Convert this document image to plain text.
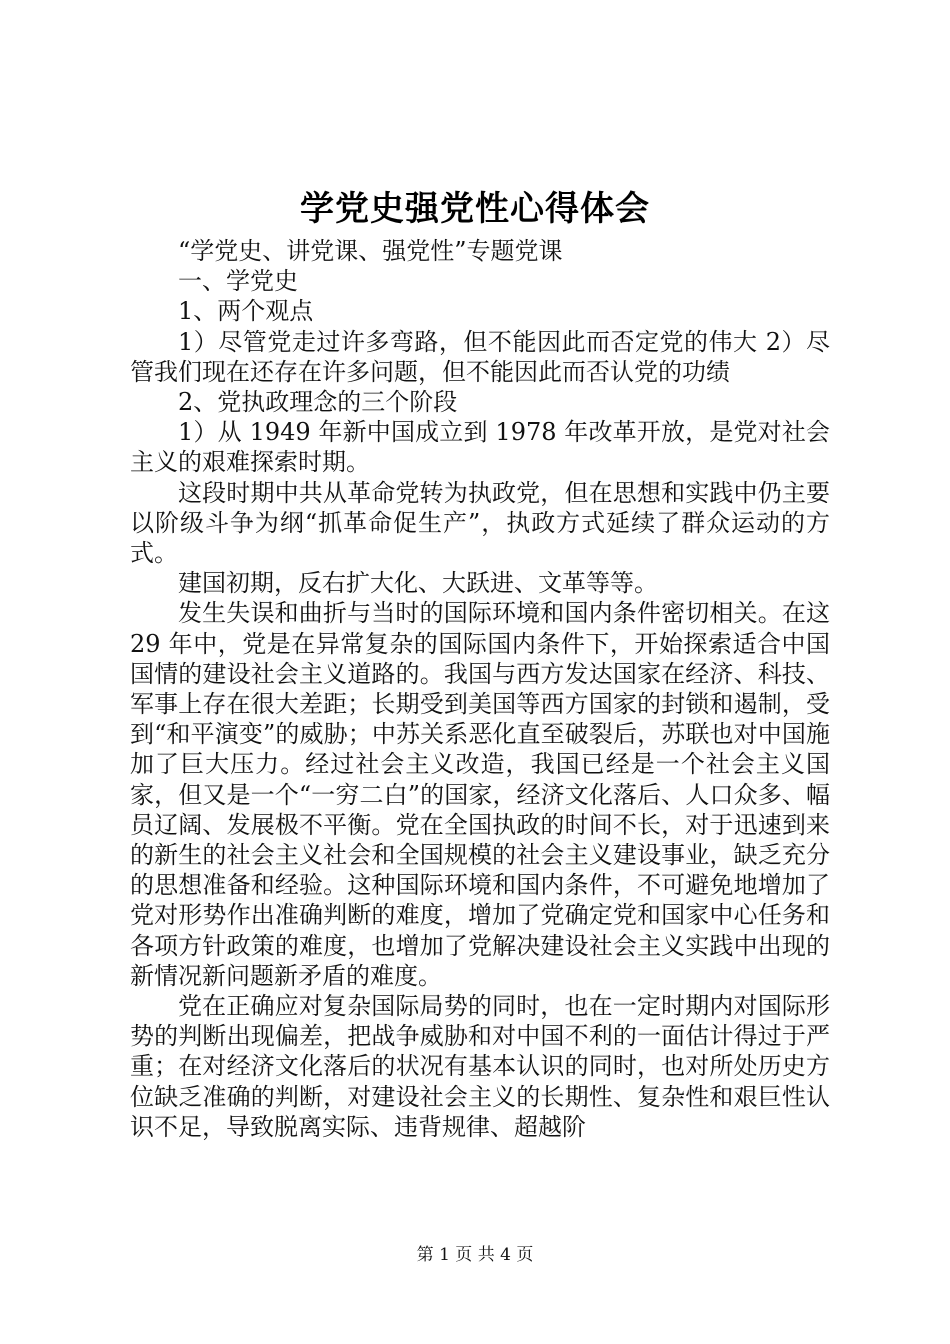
学党史强党性心得体会

“学党史、讲党课、强党性”专题党课

一、学党史

1、两个观点

1）尽管党走过许多弯路，但不能因此而否定党的伟大 2）尽管我们现在还存在许多问题，但不能因此而否认党的功绩

2、党执政理念的三个阶段

1）从 1949 年新中国成立到 1978 年改革开放，是党对社会主义的艰难探索时期。

这段时期中共从革命党转为执政党，但在思想和实践中仍主要以阶级斗争为纲“抓革命促生产”，执政方式延续了群众运动的方式。

建国初期，反右扩大化、大跃进、文革等等。

发生失误和曲折与当时的国际环境和国内条件密切相关。在这 29 年中，党是在异常复杂的国际国内条件下，开始探索适合中国国情的建设社会主义道路的。我国与西方发达国家在经济、科技、军事上存在很大差距；长期受到美国等西方国家的封锁和遏制，受到“和平演变”的威胁；中苏关系恶化直至破裂后，苏联也对中国施加了巨大压力。经过社会主义改造，我国已经是一个社会主义国家，但又是一个“一穷二白”的国家，经济文化落后、人口众多、幅员辽阔、发展极不平衡。党在全国执政的时间不长，对于迅速到来的新生的社会主义社会和全国规模的社会主义建设事业，缺乏充分的思想准备和经验。这种国际环境和国内条件，不可避免地增加了党对形势作出准确判断的难度，增加了党确定党和国家中心任务和各项方针政策的难度，也增加了党解决建设社会主义实践中出现的新情况新问题新矛盾的难度。

党在正确应对复杂国际局势的同时，也在一定时期内对国际形势的判断出现偏差，把战争威胁和对中国不利的一面估计得过于严重；在对经济文化落后的状况有基本认识的同时，也对所处历史方位缺乏准确的判断，对建设社会主义的长期性、复杂性和艰巨性认识不足，导致脱离实际、违背规律、超越阶

第 1 页 共 4 页
